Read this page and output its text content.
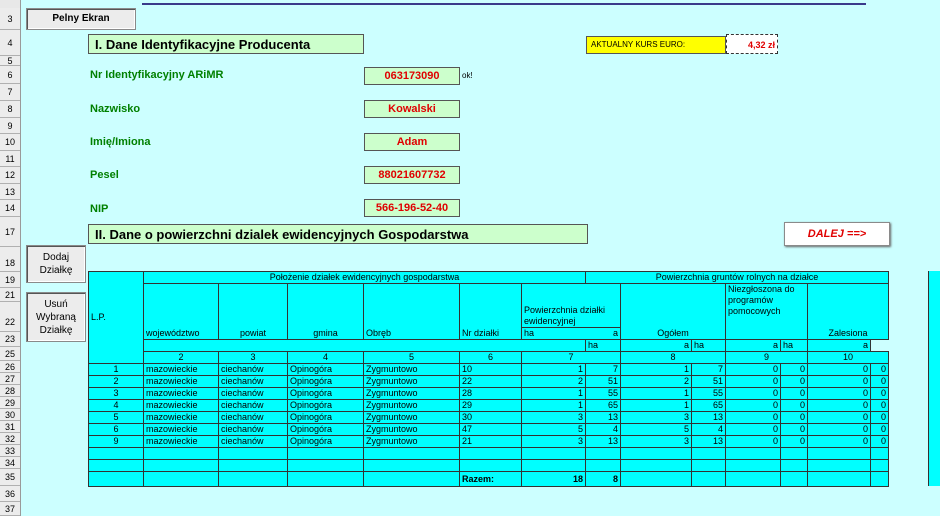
3
4
5
6
7
8
9
10
11
12
13
14
17
18
19
21
22
23
25
26
27
28
29
30
31
32
33
34
35
36
37
Pelny Ekran
Dodaj
Działkę
Usuń
Wybraną
Działkę
I. Dane Identyfikacyjne Producenta	AKTUALNY KURS EURO:	4,32 zł
Nr Identyfikacyjny ARiMR	063173090	ok!
Nazwisko	Kowalski
Imię/Imiona	Adam
Pesel	88021607732
NIP	566-196-52-40
II. Dane o powierzchni dzialek ewidencyjnych Gospodarstwa	DALEJ ==>
L.P.	Położenie działek ewidencyjnych gospodarstwa						Powierzchnia gruntów rolnych na działce						
	województwo	powiat	gmina	Obręb	Nr działki	Powierzchnia działki ewidencyjnej		Ogółem		Niezgłoszona do programów pomocowych		Zalesiona	
						ha	a						
							ha	a	ha	a	ha	a	
	2	3	4	5	6	7		8		9		10	
1	mazowieckie	ciechanów	Opinogóra	Zygmuntowo	10	1	7	1	7	0	0	0	0
2	mazowieckie	ciechanów	Opinogóra	Zygmuntowo	22	2	51	2	51	0	0	0	0
3	mazowieckie	ciechanów	Opinogóra	Zygmuntowo	28	1	55	1	55	0	0	0	0
4	mazowieckie	ciechanów	Opinogóra	Zygmuntowo	29	1	65	1	65	0	0	0	0
5	mazowieckie	ciechanów	Opinogóra	Zygmuntowo	30	3	13	3	13	0	0	0	0
6	mazowieckie	ciechanów	Opinogóra	Zygmuntowo	47	5	4	5	4	0	0	0	0
9	mazowieckie	ciechanów	Opinogóra	Zygmuntowo	21	3	13	3	13	0	0	0	0

					Razem:	18	8						
